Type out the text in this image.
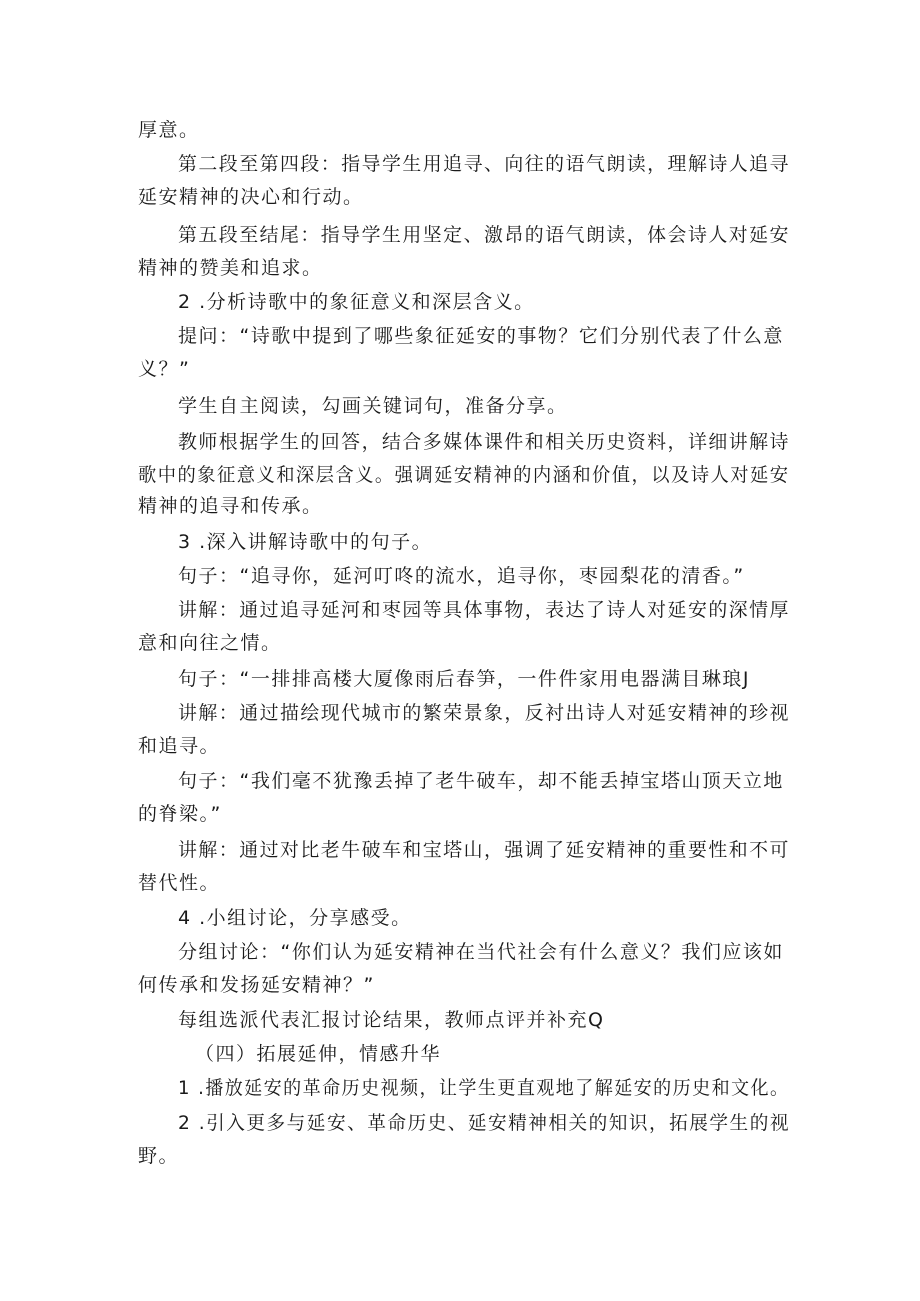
厚意。
第二段至第四段：指导学生用追寻、向往的语气朗读，理解诗人追寻
延安精神的决心和行动。
第五段至结尾：指导学生用坚定、激昂的语气朗读，体会诗人对延安
精神的赞美和追求。
2 .分析诗歌中的象征意义和深层含义。
提问：“诗歌中提到了哪些象征延安的事物？它们分别代表了什么意
义？”
学生自主阅读，勾画关键词句，准备分享。
教师根据学生的回答，结合多媒体课件和相关历史资料，详细讲解诗
歌中的象征意义和深层含义。强调延安精神的内涵和价值，以及诗人对延安
精神的追寻和传承。
3 .深入讲解诗歌中的句子。
句子：“追寻你，延河叮咚的流水，追寻你，枣园梨花的清香。”
讲解：通过追寻延河和枣园等具体事物，表达了诗人对延安的深情厚
意和向往之情。
句子：“一排排高楼大厦像雨后春笋，一件件家用电器满目琳琅J
讲解：通过描绘现代城市的繁荣景象，反衬出诗人对延安精神的珍视
和追寻。
句子：“我们毫不犹豫丢掉了老牛破车，却不能丢掉宝塔山顶天立地
的脊梁。”
讲解：通过对比老牛破车和宝塔山，强调了延安精神的重要性和不可
替代性。
4 .小组讨论，分享感受。
分组讨论：“你们认为延安精神在当代社会有什么意义？我们应该如
何传承和发扬延安精神？”
每组选派代表汇报讨论结果，教师点评并补充Q
（四）拓展延伸，情感升华
1 .播放延安的革命历史视频，让学生更直观地了解延安的历史和文化。
2 .引入更多与延安、革命历史、延安精神相关的知识，拓展学生的视
野。
